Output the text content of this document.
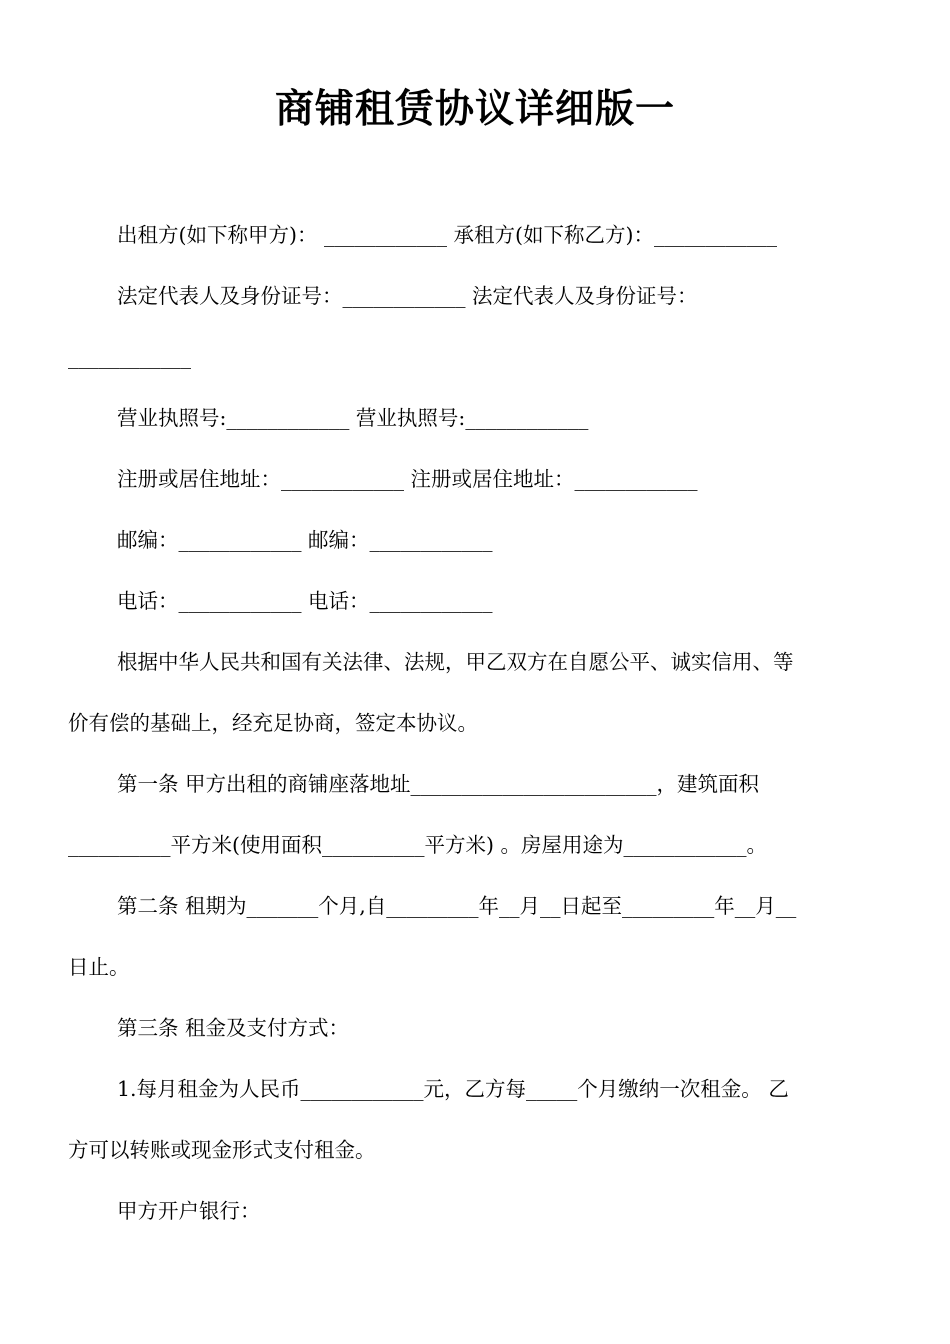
商铺租赁协议详细版一
出租方(如下称甲方)： ____________ 承租方(如下称乙方)：____________
法定代表人及身份证号：____________ 法定代表人及身份证号：
____________
营业执照号:____________ 营业执照号:____________
注册或居住地址：____________ 注册或居住地址：____________
邮编：____________ 邮编：____________
电话：____________ 电话：____________
根据中华人民共和国有关法律、法规，甲乙双方在自愿公平、诚实信用、等
价有偿的基础上，经充足协商，签定本协议。
第一条 甲方出租的商铺座落地址________________________，建筑面积
__________平方米(使用面积__________平方米) 。房屋用途为____________。
第二条 租期为_______个月,自_________年__月__日起至_________年__月__
日止。
第三条 租金及支付方式：
1.每月租金为人民币____________元，乙方每_____个月缴纳一次租金。 乙
方可以转账或现金形式支付租金。
甲方开户银行：
